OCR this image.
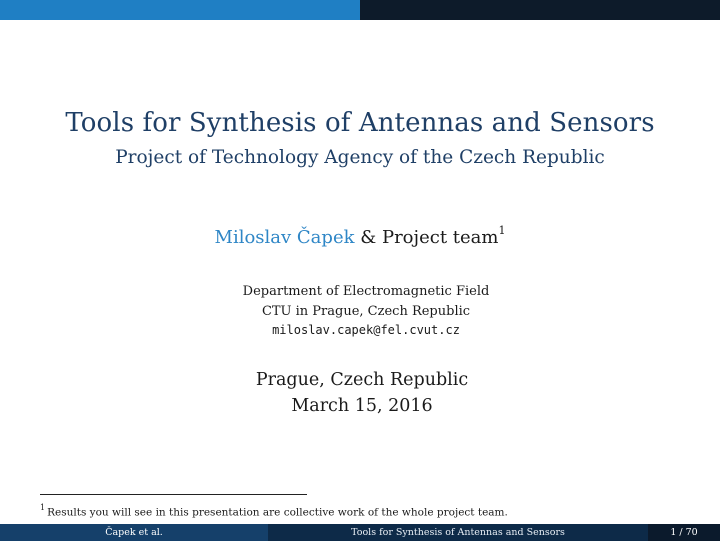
Tools for Synthesis of Antennas and Sensors
Project of Technology Agency of the Czech Republic
Miloslav Čapek & Project team$^1$
Department of Electromagnetic Field
CTU in Prague, Czech Republic
miloslav.capek@fel.cvut.cz
Prague, Czech Republic
March 15, 2016
$^1$ Results you will see in this presentation are collective work of the whole project team.
Čapek et al.	Tools for Synthesis of Antennas and Sensors	1 / 70
